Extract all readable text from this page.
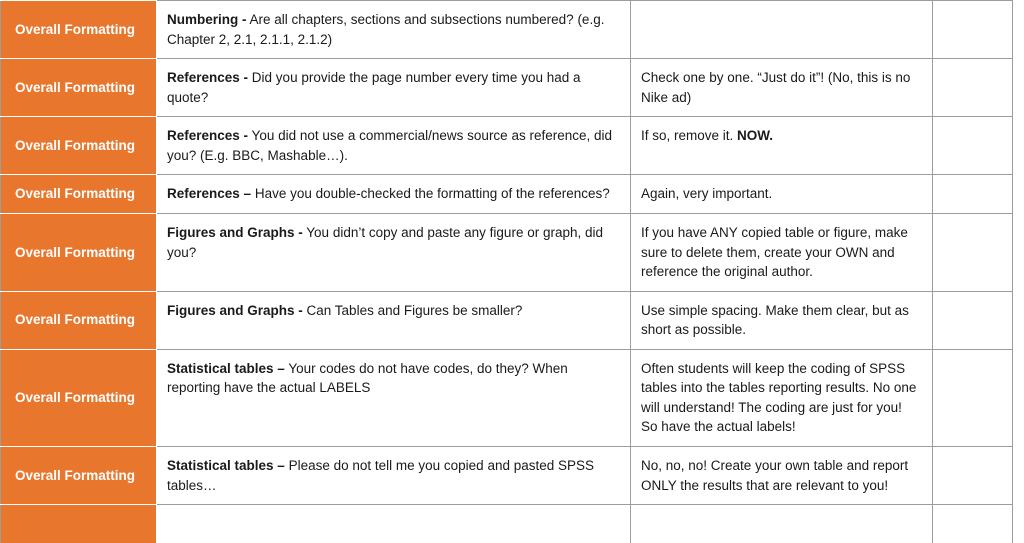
Overall Formatting	Numbering - Are all chapters, sections and subsections numbered? (e.g. Chapter 2, 2.1, 2.1.1, 2.1.2)		
Overall Formatting	References - Did you provide the page number every time you had a quote?	Check one by one. “Just do it”! (No, this is no Nike ad)	
Overall Formatting	References - You did not use a commercial/news source as reference, did you? (E.g. BBC, Mashable…).	If so, remove it. NOW.	
Overall Formatting	References – Have you double-checked the formatting of the references?	Again, very important.	
Overall Formatting	Figures and Graphs - You didn’t copy and paste any figure or graph, did you?	If you have ANY copied table or figure, make sure to delete them, create your OWN and reference the original author.	
Overall Formatting	Figures and Graphs - Can Tables and Figures be smaller?	Use simple spacing. Make them clear, but as short as possible.	
Overall Formatting	Statistical tables – Your codes do not have codes, do they? When reporting have the actual LABELS	Often students will keep the coding of SPSS tables into the tables reporting results. No one will understand! The coding are just for you! So have the actual labels!	
Overall Formatting	Statistical tables – Please do not tell me you copied and pasted SPSS tables…	No, no, no! Create your own table and report ONLY the results that are relevant to you!	
